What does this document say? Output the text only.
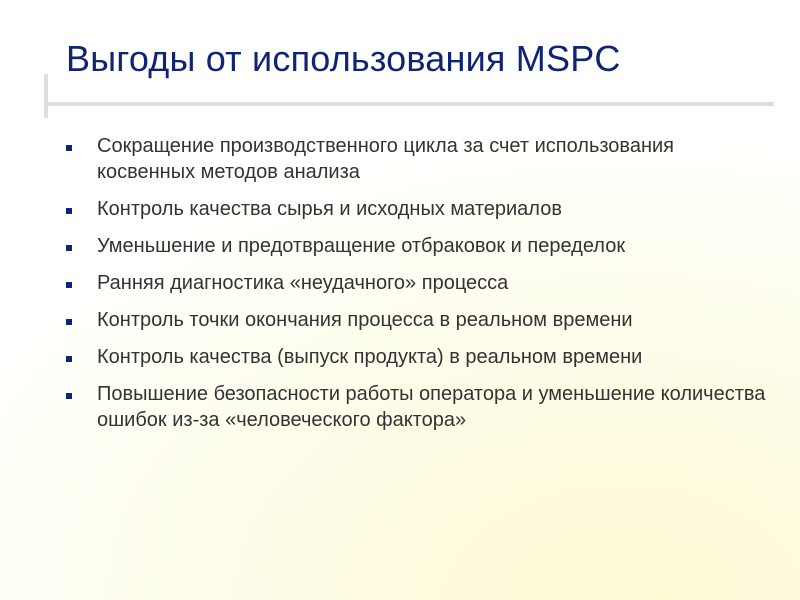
Выгоды от использования MSPC
Сокращение производственного цикла за счет использования косвенных методов анализа
Контроль качества сырья и исходных материалов
Уменьшение и предотвращение отбраковок и переделок
Ранняя диагностика «неудачного» процесса
Контроль точки окончания процесса в реальном времени
Контроль качества (выпуск продукта) в реальном времени
Повышение безопасности работы оператора и уменьшение количества ошибок из-за «человеческого фактора»
